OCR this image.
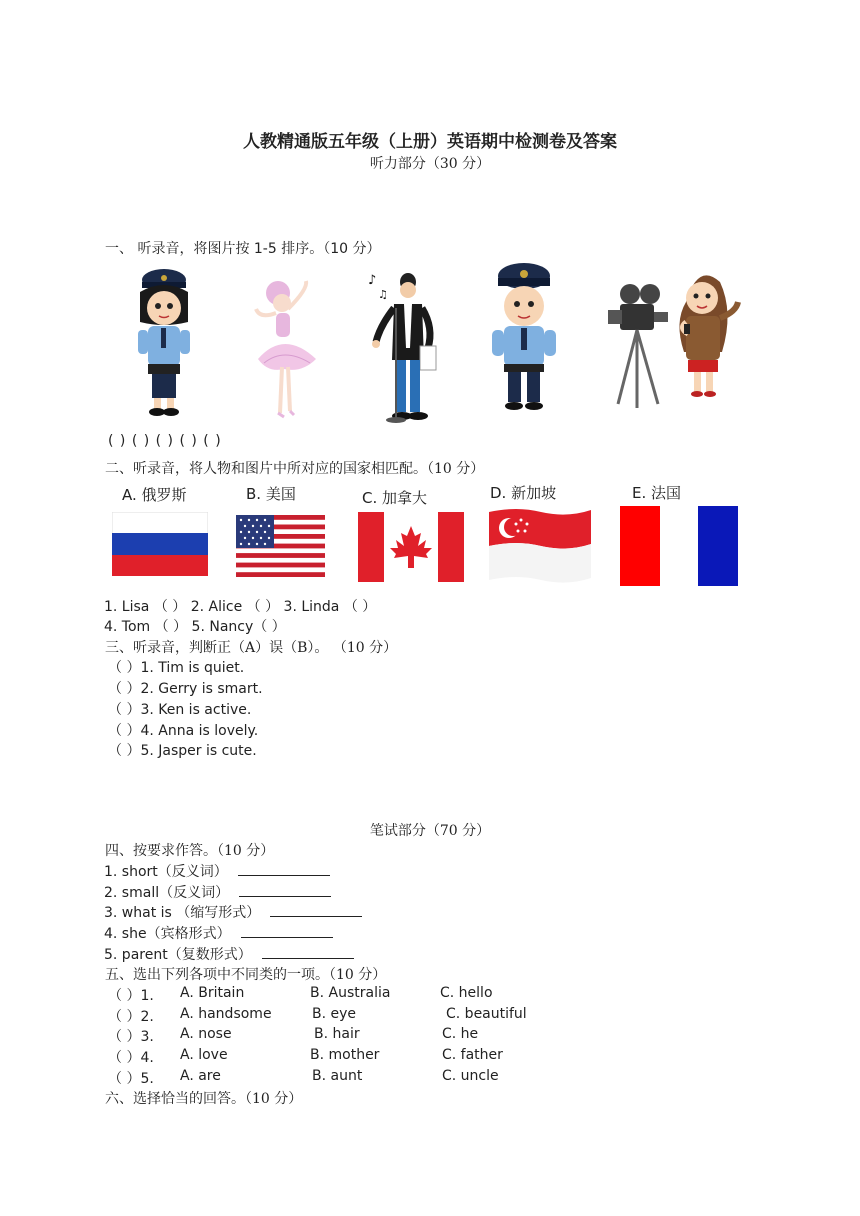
人教精通版五年级（上册）英语期中检测卷及答案
听力部分（30 分）
一、 听录音，将图片按 1-5 排序。（10 分）
♪
♫
( ) ( ) ( ) ( ) ( )
二、听录音，将人物和图片中所对应的国家相匹配。（10 分）
A. 俄罗斯	B. 美国	C. 加拿大	D. 新加坡	E. 法国
1. Lisa （ ） 2. Alice （ ） 3. Linda （ ）
4. Tom （ ） 5. Nancy（ ）
三、听录音，判断正（A）误（B）。 （10 分）
（ ）1. Tim is quiet.
（ ）2. Gerry is smart.
（ ）3. Ken is active.
（ ）4. Anna is lovely.
（ ）5. Jasper is cute.
笔试部分（70 分）
四、按要求作答。（10 分）
1. short（反义词）
2. small（反义词）
3. what is （缩写形式）
4. she（宾格形式）
5. parent（复数形式）
五、选出下列各项中不同类的一项。（10 分）
（ ）1. A. Britain	B. Australia	C. hello
（ ）2. A. handsome	B. eye	C. beautiful
（ ）3. A. nose	B. hair	C. he
（ ）4. A. love	B. mother	C. father
（ ）5. A. are	B. aunt	C. uncle
六、选择恰当的回答。（10 分）
